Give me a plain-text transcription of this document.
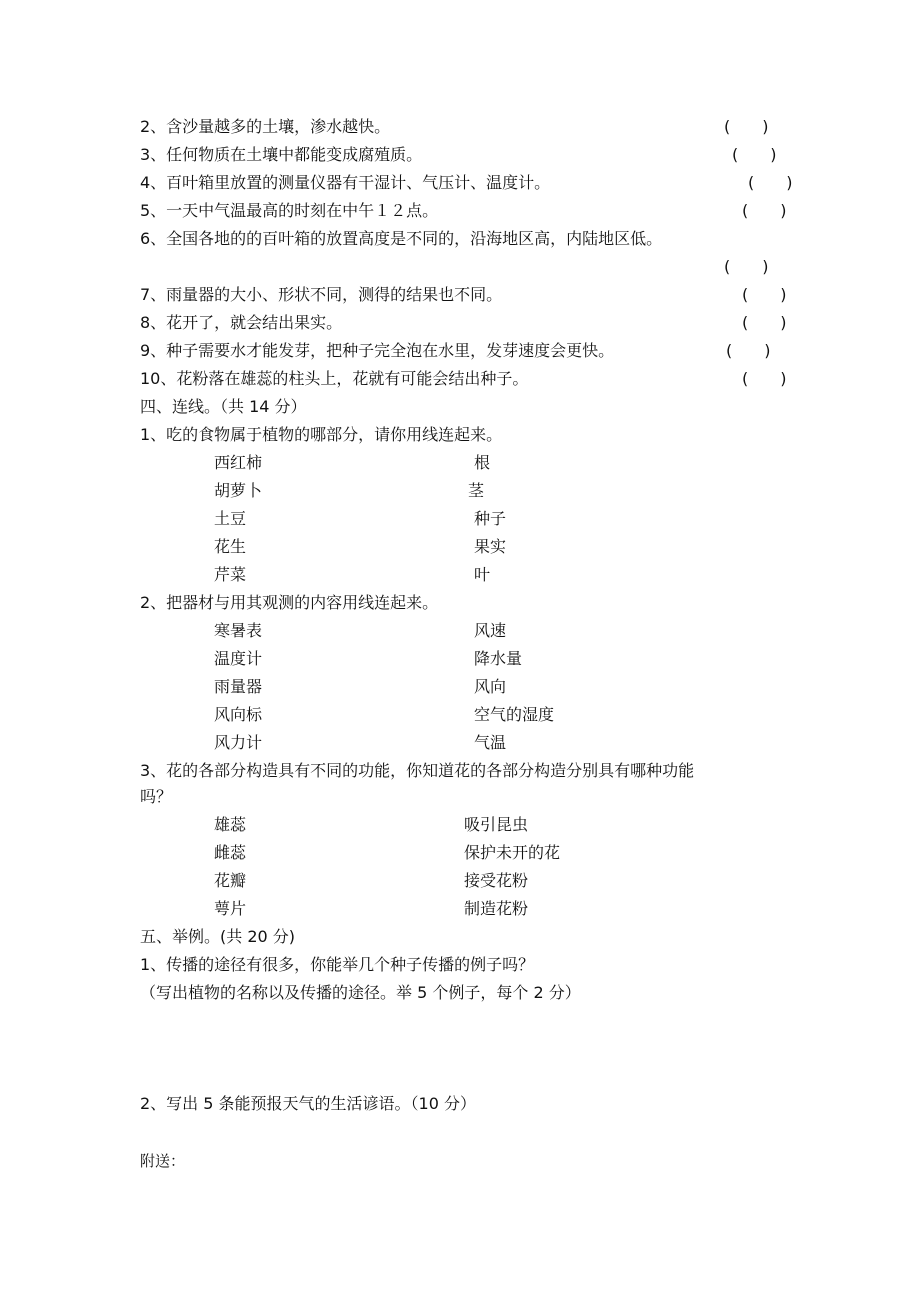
2、含沙量越多的土壤，渗水越快。	(　　)
3、任何物质在土壤中都能变成腐殖质。	(　　)
4、百叶箱里放置的测量仪器有干湿计、气压计、温度计。	(　　)
5、一天中气温最高的时刻在中午１２点。	(　　)
6、全国各地的的百叶箱的放置高度是不同的，沿海地区高，内陆地区低。
(　　)
7、雨量器的大小、形状不同，测得的结果也不同。	(　　)
8、花开了，就会结出果实。	(　　)
9、种子需要水才能发芽，把种子完全泡在水里，发芽速度会更快。	(　　)
10、花粉落在雄蕊的柱头上，花就有可能会结出种子。	(　　)
四、连线。（共 14 分）
1、吃的食物属于植物的哪部分，请你用线连起来。
西红柿	根
胡萝卜	茎
土豆	种子
花生	果实
芹菜	叶
2、把器材与用其观测的内容用线连起来。
寒暑表	风速
温度计	降水量
雨量器	风向
风向标	空气的湿度
风力计	气温
3、花的各部分构造具有不同的功能，你知道花的各部分构造分别具有哪种功能
吗？
雄蕊	吸引昆虫
雌蕊	保护未开的花
花瓣	接受花粉
萼片	制造花粉
五、举例。(共 20 分)
1、传播的途径有很多，你能举几个种子传播的例子吗？
（写出植物的名称以及传播的途径。举 5 个例子，每个 2 分）
2、写出 5 条能预报天气的生活谚语。（10 分）
附送：
